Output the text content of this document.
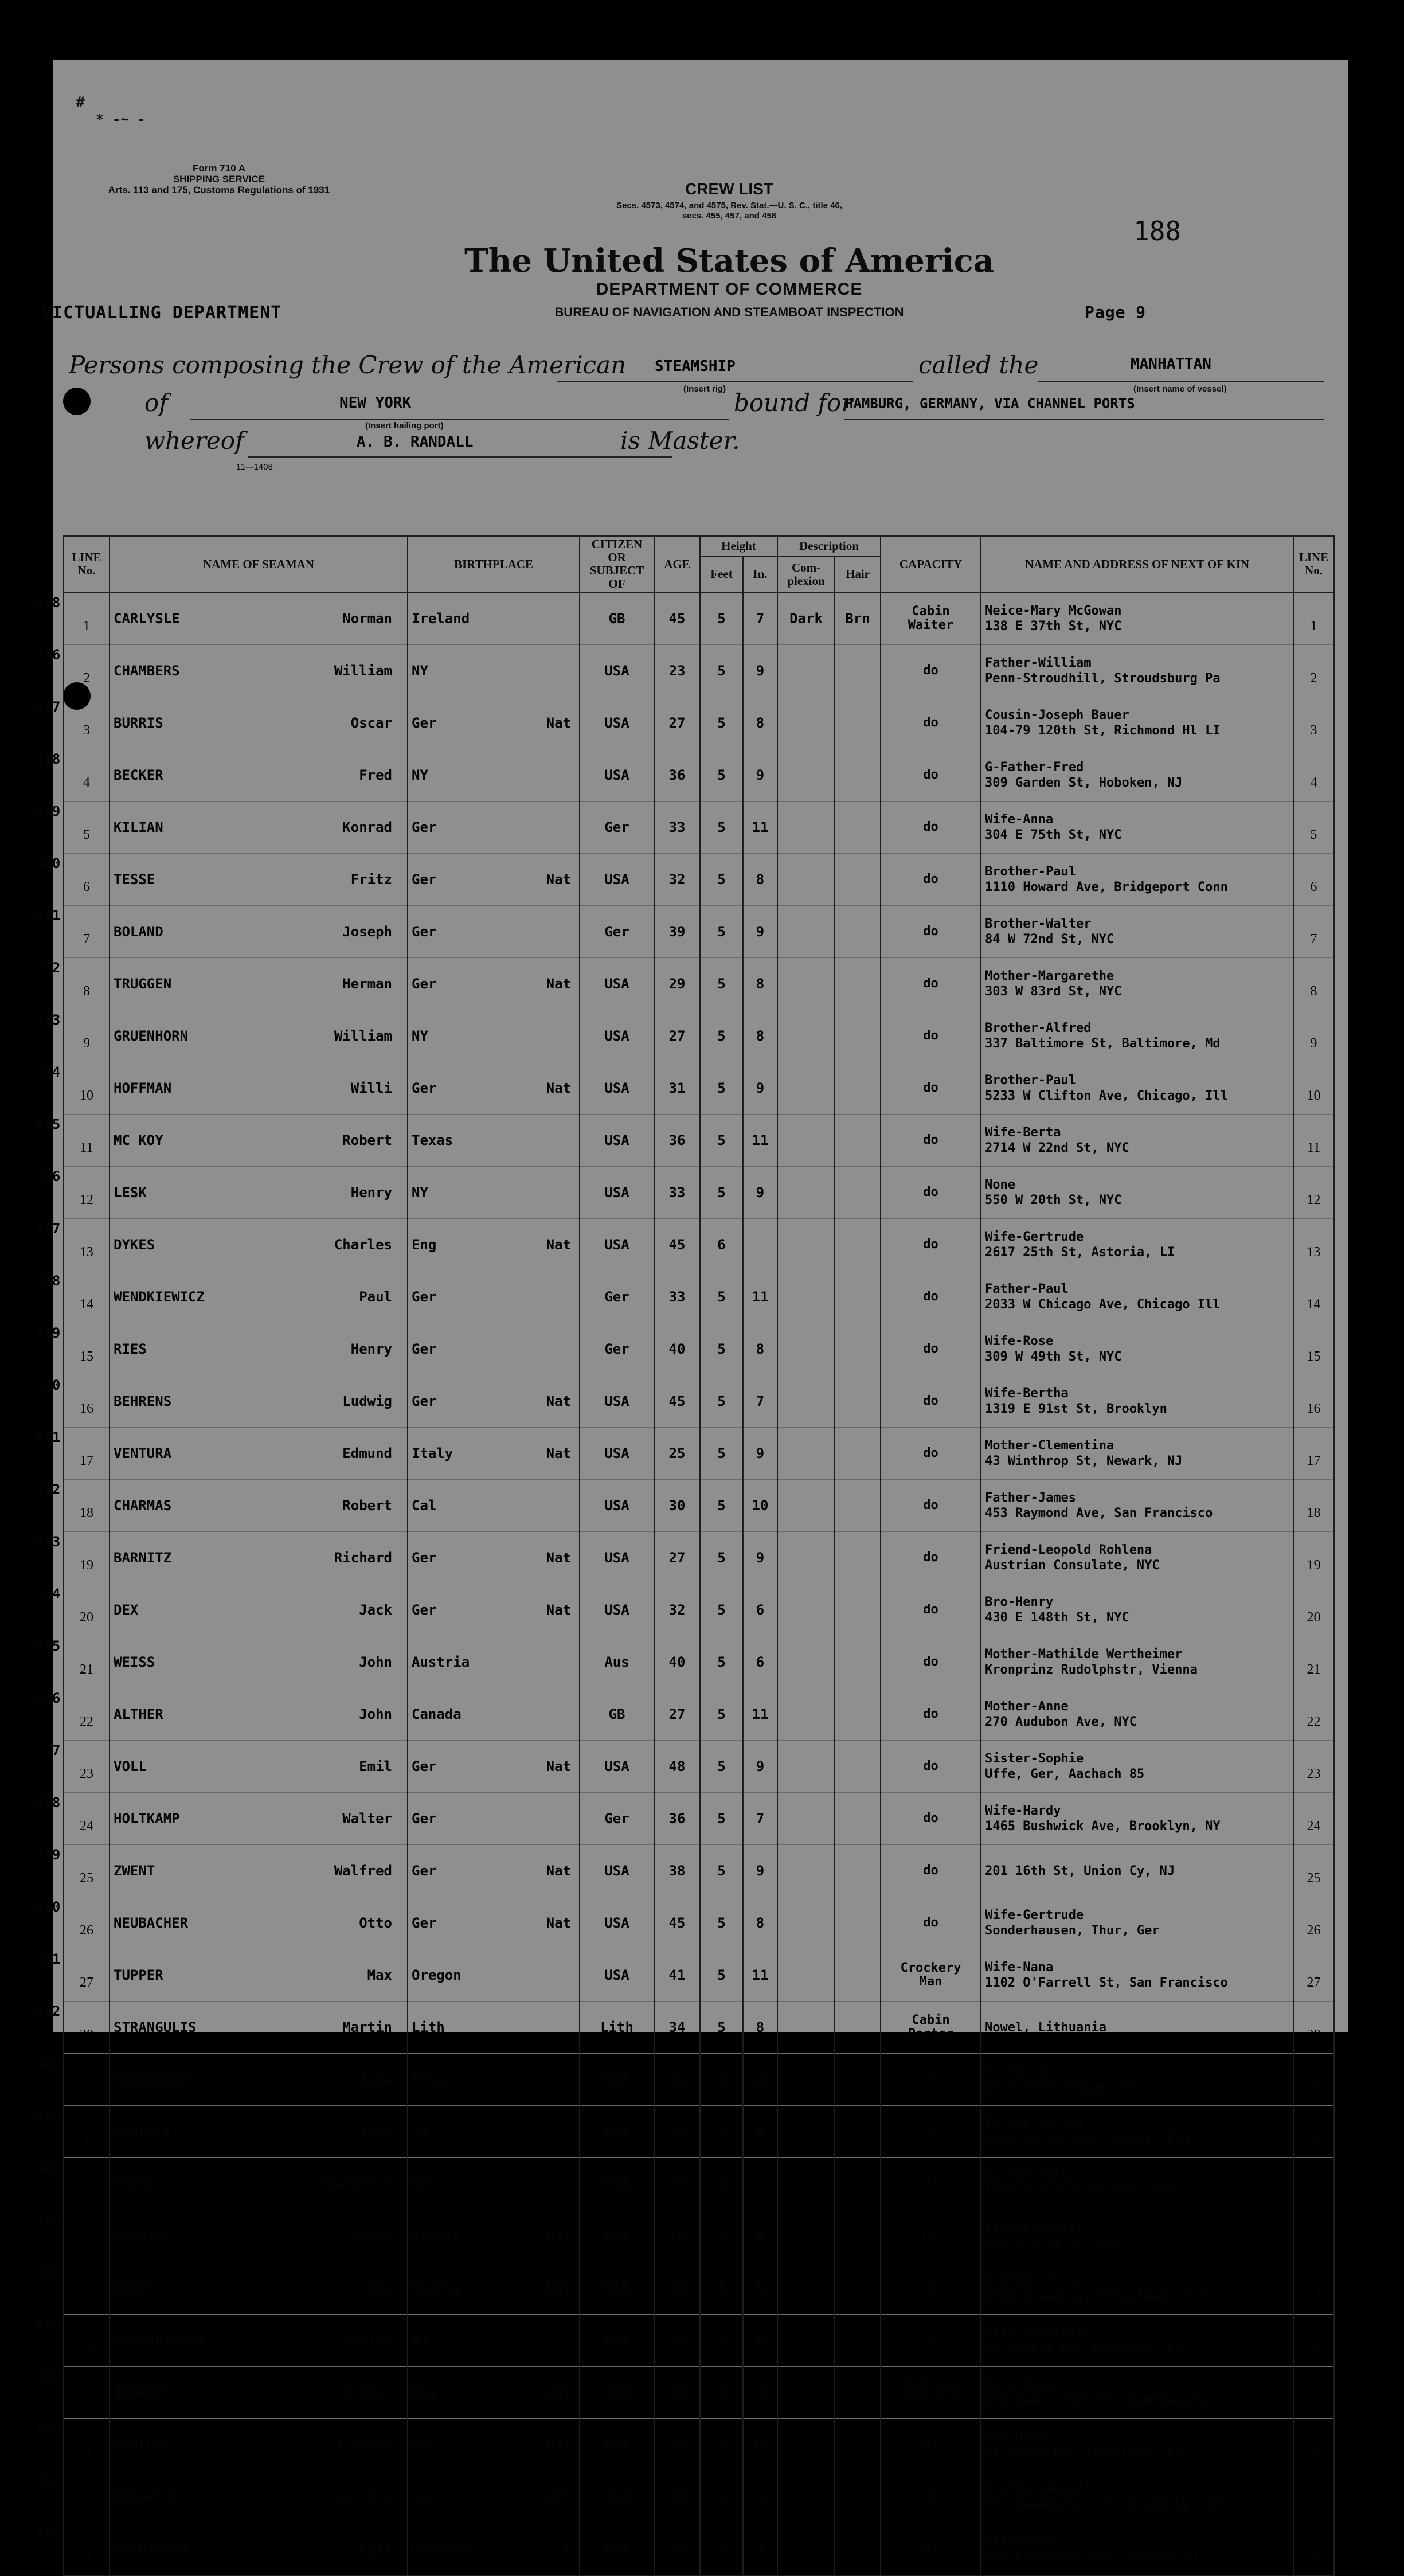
#
* -~ -
Form 710 A
SHIPPING SERVICE
Arts. 113 and 175, Customs Regulations of 1931	CREW LIST
Secs. 4573, 4574, and 4575, Rev. Stat.—U. S. C., title 46,
secs. 455, 457, and 458	188
The United States of America
DEPARTMENT OF COMMERCE
BUREAU OF NAVIGATION AND STEAMBOAT INSPECTION
VICTUALLING DEPARTMENT	Page 9
Persons composing the Crew of the American STEAMSHIP
(Insert rig)
called the	MANHATTAN
(Insert name of vessel)
of	NEW YORK
(Insert hailing port)
bound for
HAMBURG, GERMANY, VIA CHANNEL PORTS
whereof	A. B. RANDALL	is Master.
11—1408
LINE No.	NAME OF SEAMAN	BIRTHPLACE	CITIZEN OR SUBJECT OF	AGE	Height		Description		CAPACITY	NAME AND ADDRESS OF NEXT OF KIN	LINE No.
					Feet	In.	Com-plexion	Hair			

418
1	CARLYSLE Norman	Ireland	GB	45	5	7	Dark	Brn	Cabin
Waiter	Neice-Mary McGowan
138 E 37th St, NYC	1

416
2	CHAMBERS William	NY	USA	23	5	9			do	Father-William
Penn-Stroudhill, Stroudsburg Pa	2

417
3	BURRIS Oscar	Ger Nat	USA	27	5	8			do	Cousin-Joseph Bauer
104-79 120th St, Richmond Hl LI	3

418
4	BECKER Fred	NY	USA	36	5	9			do	G-Father-Fred
309 Garden St, Hoboken, NJ	4

419
5	KILIAN Konrad	Ger	Ger	33	5	11			do	Wife-Anna
304 E 75th St, NYC	5

420
6	TESSE Fritz	Ger Nat	USA	32	5	8			do	Brother-Paul
1110 Howard Ave, Bridgeport Conn	6

421
7	BOLAND Joseph	Ger	Ger	39	5	9			do	Brother-Walter
84 W 72nd St, NYC	7

422
8	TRUGGEN Herman	Ger Nat	USA	29	5	8			do	Mother-Margarethe
303 W 83rd St, NYC	8

423
9	GRUENHORN William	NY	USA	27	5	8			do	Brother-Alfred
337 Baltimore St, Baltimore, Md	9

424
10	HOFFMAN Willi	Ger Nat	USA	31	5	9			do	Brother-Paul
5233 W Clifton Ave, Chicago, Ill	10

425
11	MC KOY Robert	Texas	USA	36	5	11			do	Wife-Berta
2714 W 22nd St, NYC	11

426
12	LESK Henry	NY	USA	33	5	9			do	None
550 W 20th St, NYC	12

427
13	DYKES Charles	Eng Nat	USA	45	6				do	Wife-Gertrude
2617 25th St, Astoria, LI	13

428
14	WENDKIEWICZ Paul	Ger	Ger	33	5	11			do	Father-Paul
2033 W Chicago Ave, Chicago Ill	14

429
15	RIES Henry	Ger	Ger	40	5	8			do	Wife-Rose
309 W 49th St, NYC	15

430
16	BEHRENS Ludwig	Ger Nat	USA	45	5	7			do	Wife-Bertha
1319 E 91st St, Brooklyn	16

431
17	VENTURA Edmund	Italy Nat	USA	25	5	9			do	Mother-Clementina
43 Winthrop St, Newark, NJ	17

432
18	CHARMAS Robert	Cal	USA	30	5	10			do	Father-James
453 Raymond Ave, San Francisco	18

433
19	BARNITZ Richard	Ger Nat	USA	27	5	9			do	Friend-Leopold Rohlena
Austrian Consulate, NYC	19

434
20	DEX Jack	Ger Nat	USA	32	5	6			do	Bro-Henry
430 E 148th St, NYC	20

435
21	WEISS John	Austria	Aus	40	5	6			do	Mother-Mathilde Wertheimer
Kronprinz Rudolphstr, Vienna	21

436
22	ALTHER John	Canada	GB	27	5	11			do	Mother-Anne
270 Audubon Ave, NYC	22

437
23	VOLL Emil	Ger Nat	USA	48	5	9			do	Sister-Sophie
Uffe, Ger, Aachach 85	23

438
24	HOLTKAMP Walter	Ger	Ger	36	5	7			do	Wife-Hardy
1465 Bushwick Ave, Brooklyn, NY	24

439
25	ZWENT Walfred	Ger Nat	USA	38	5	9			do	201 16th St, Union Cy, NJ	25

440
26	NEUBACHER Otto	Ger Nat	USA	45	5	8			do	Wife-Gertrude
Sonderhausen, Thur, Ger	26

441
27	TUPPER Max	Oregon	USA	41	5	11			Crockery
Man	Wife-Nana
1102 O'Farrell St, San Francisco	27

442
28	STRANGULIS Martin	Lith	Lith	34	5	8			Cabin
Porter	Nowel, Lithuania	28

443
29	HARRINGTON John	Mass	USA	23	5	10			do	Mother-Joanne
West Stockbridge, Mass	29

444
30	HANCOCK John	Ga	USA	30	5	8			do	Father-Joseph
1338 SW 2nd Ave, Miami, Fla	30

445
31	TYLER Frederick	NY	USA	23	6	1			do	Mother-Molly
1465 Grand Concourse, NYC	31

446
32	MARATOS Gomes	Greece Nat	USA	30	5	8			do	Father-Christ
446 W 41st St, NYC	32

447
33	KAHN Joe	Turkey Nat	USA	40	5	5			do	Brother-Penny
6543 Broadway, Cleveland, Ohio	33

448
34	DAVIDBECKER Wesley	NJ	USA	47	5	6			do	Wife-Charlotte
48 Hanson Pl, Brooklyn, NY	34

449
35	INGRAM Arthur	Eng Nat	USA	34	5	9			Bedroom
Steward	Wife-Nana
243 Manor Farm Rd, Southampton	35

450
36	HARLESS Richard	Ger Nat	USA	45	5	10			do	Son-Reno
41 Union Pl, Hempstead, LI	36

451
37	OERMANNS William	Ger Nat	USA	48	5	8			do	Brother-August
321 Manhattan Ave, Union Cy, NJ	37

452
38	MATHIESEN Egil	Denmark t	USA	45	5	7			do	Wife-Nana
227 Lexington Ave, Dumont NJ	38
